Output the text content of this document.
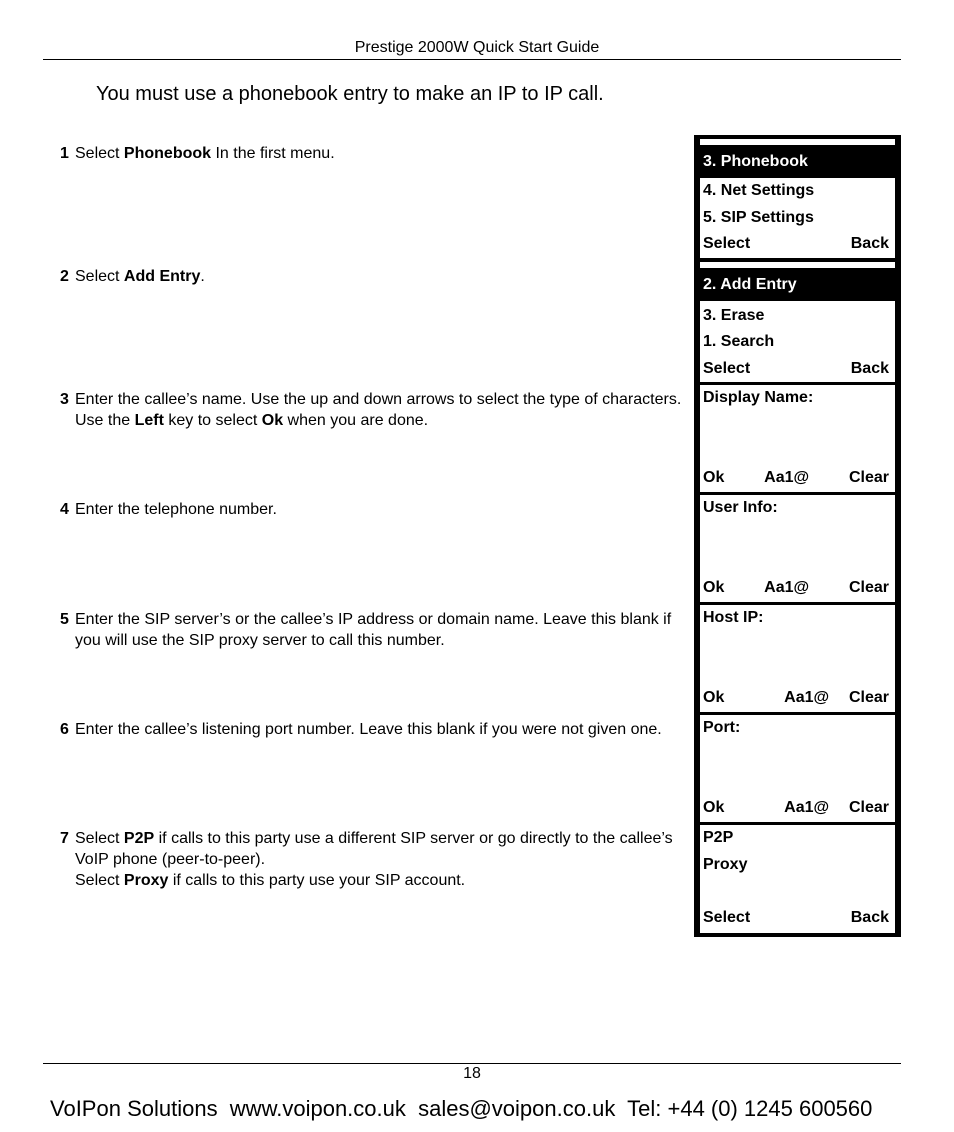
Prestige 2000W Quick Start Guide
You must use a phonebook entry to make an IP to IP call.
1 Select Phonebook In the first menu.
2 Select Add Entry.
3 Enter the callee’s name. Use the up and down arrows to select the type of characters. Use the Left key to select Ok when you are done.
4 Enter the telephone number.
5 Enter the SIP server’s or the callee’s IP address or domain name. Leave this blank if you will use the SIP proxy server to call this number.
6 Enter the callee’s listening port number. Leave this blank if you were not given one.
7 Select P2P if calls to this party use a different SIP server or go directly to the callee’s VoIP phone (peer-to-peer).
Select Proxy if calls to this party use your SIP account.
3. Phonebook
4. Net Settings
5. SIP Settings
Select	Back
2. Add Entry
3. Erase
1. Search
Select	Back
Display Name:
Ok Aa1@ Clear
User Info:
Ok Aa1@ Clear
Host IP:
Ok	Aa1@ Clear
Port:
Ok	Aa1@ Clear
P2P
Proxy
Select	Back
18
VoIPon Solutions  www.voipon.co.uk  sales@voipon.co.uk  Tel: +44 (0) 1245 600560
